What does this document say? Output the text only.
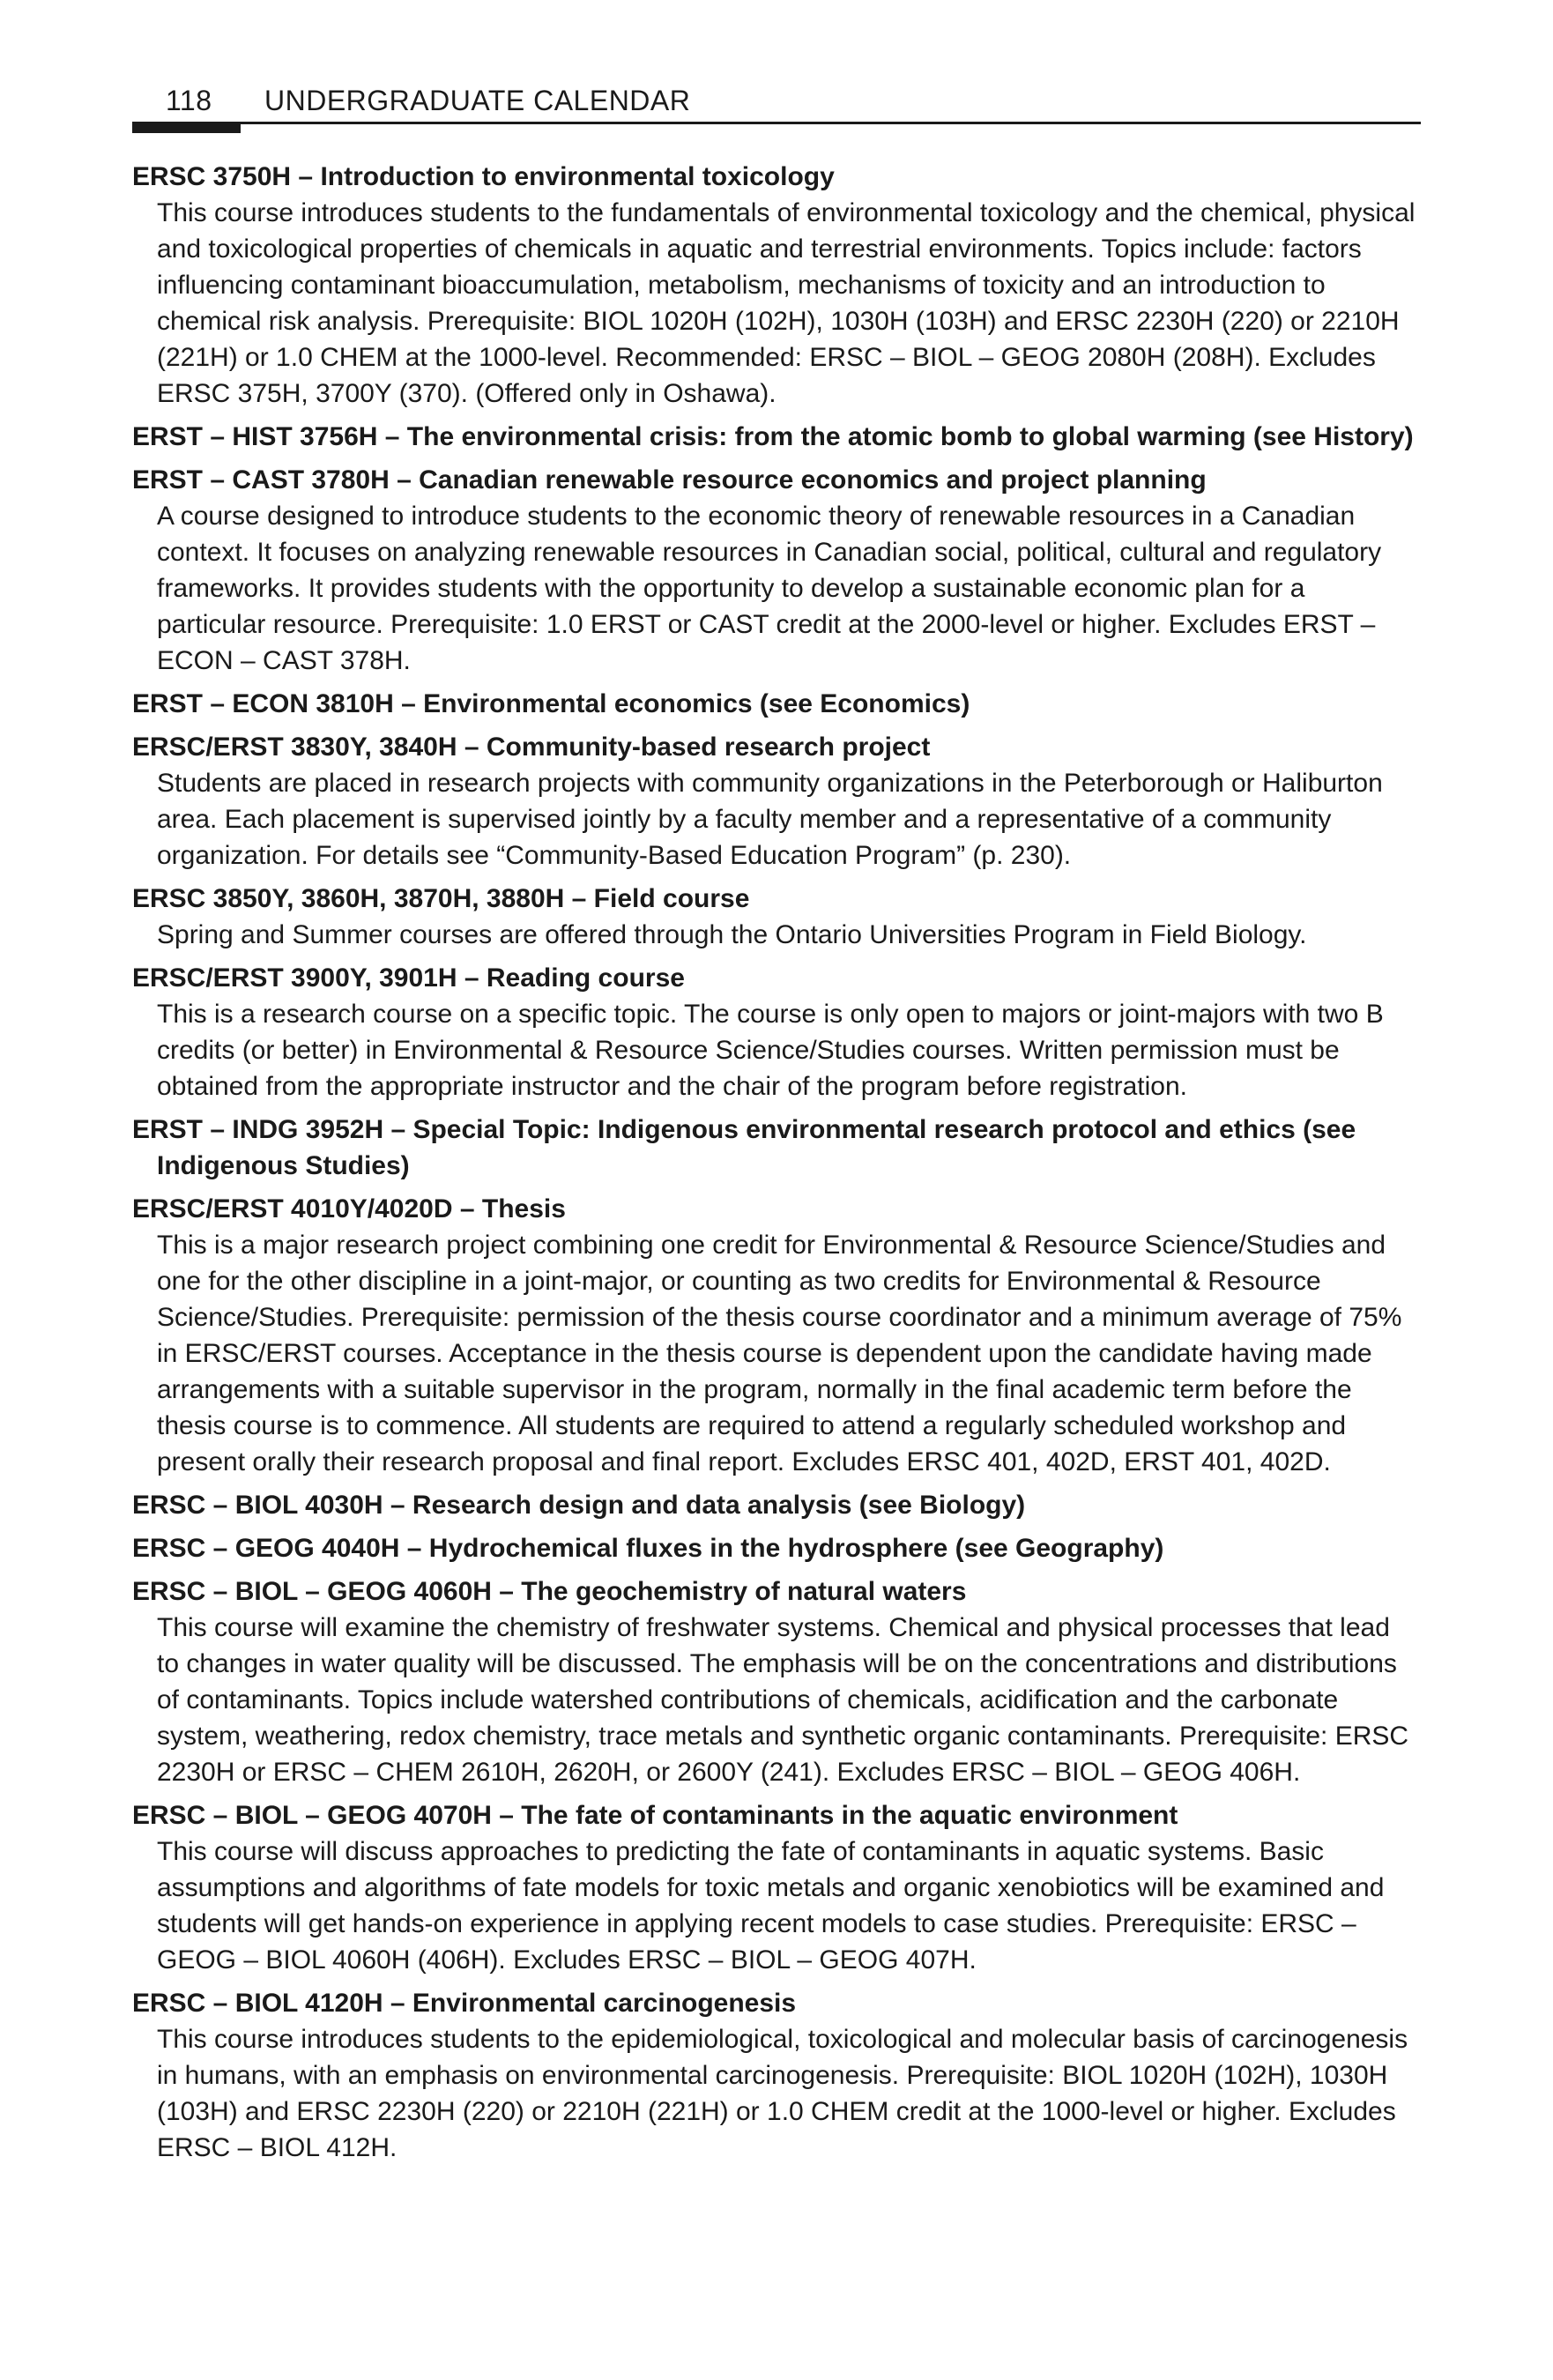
118 UNDERGRADUATE CALENDAR

ERSC 3750H – Introduction to environmental toxicology

This course introduces students to the fundamentals of environmental toxicology and the chemical, physical and toxicological properties of chemicals in aquatic and terrestrial environments. Topics include: factors influencing contaminant bioaccumulation, metabolism, mechanisms of toxicity and an introduction to chemical risk analysis. Prerequisite: BIOL 1020H (102H), 1030H (103H) and ERSC 2230H (220) or 2210H (221H) or 1.0 CHEM at the 1000-level. Recommended: ERSC – BIOL – GEOG 2080H (208H). Excludes ERSC 375H, 3700Y (370). (Offered only in Oshawa).

ERST – HIST 3756H – The environmental crisis: from the atomic bomb to global warming (see History)

ERST – CAST 3780H – Canadian renewable resource economics and project planning

A course designed to introduce students to the economic theory of renewable resources in a Canadian context. It focuses on analyzing renewable resources in Canadian social, political, cultural and regulatory frameworks. It provides students with the opportunity to develop a sustainable economic plan for a particular resource. Prerequisite: 1.0 ERST or CAST credit at the 2000-level or higher. Excludes ERST – ECON – CAST 378H.

ERST – ECON 3810H – Environmental economics (see Economics)

ERSC/ERST 3830Y, 3840H – Community-based research project

Students are placed in research projects with community organizations in the Peterborough or Haliburton area. Each placement is supervised jointly by a faculty member and a representative of a community organization. For details see “Community-Based Education Program” (p. 230).

ERSC 3850Y, 3860H, 3870H, 3880H – Field course

Spring and Summer courses are offered through the Ontario Universities Program in Field Biology.

ERSC/ERST 3900Y, 3901H – Reading course

This is a research course on a specific topic. The course is only open to majors or joint-majors with two B credits (or better) in Environmental & Resource Science/Studies courses. Written permission must be obtained from the appropriate instructor and the chair of the program before registration.

ERST – INDG 3952H – Special Topic: Indigenous environmental research protocol and ethics (see Indigenous Studies)

ERSC/ERST 4010Y/4020D – Thesis

This is a major research project combining one credit for Environmental & Resource Science/Studies and one for the other discipline in a joint-major, or counting as two credits for Environmental & Resource Science/Studies. Prerequisite: permission of the thesis course coordinator and a minimum average of 75% in ERSC/ERST courses. Acceptance in the thesis course is dependent upon the candidate having made arrangements with a suitable supervisor in the program, normally in the final academic term before the thesis course is to commence. All students are required to attend a regularly scheduled workshop and present orally their research proposal and final report. Excludes ERSC 401, 402D, ERST 401, 402D.

ERSC – BIOL 4030H – Research design and data analysis (see Biology)

ERSC – GEOG 4040H – Hydrochemical fluxes in the hydrosphere (see Geography)

ERSC – BIOL – GEOG 4060H – The geochemistry of natural waters

This course will examine the chemistry of freshwater systems. Chemical and physical processes that lead to changes in water quality will be discussed. The emphasis will be on the concentrations and distributions of contaminants. Topics include watershed contributions of chemicals, acidification and the carbonate system, weathering, redox chemistry, trace metals and synthetic organic contaminants. Prerequisite: ERSC 2230H or ERSC – CHEM 2610H, 2620H, or 2600Y (241). Excludes ERSC – BIOL – GEOG 406H.

ERSC – BIOL – GEOG 4070H – The fate of contaminants in the aquatic environment

This course will discuss approaches to predicting the fate of contaminants in aquatic systems. Basic assumptions and algorithms of fate models for toxic metals and organic xenobiotics will be examined and students will get hands-on experience in applying recent models to case studies. Prerequisite: ERSC – GEOG – BIOL 4060H (406H). Excludes ERSC – BIOL – GEOG 407H.

ERSC – BIOL 4120H – Environmental carcinogenesis

This course introduces students to the epidemiological, toxicological and molecular basis of carcinogenesis in humans, with an emphasis on environmental carcinogenesis. Prerequisite: BIOL 1020H (102H), 1030H (103H) and ERSC 2230H (220) or 2210H (221H) or 1.0 CHEM credit at the 1000-level or higher. Excludes ERSC – BIOL 412H.
